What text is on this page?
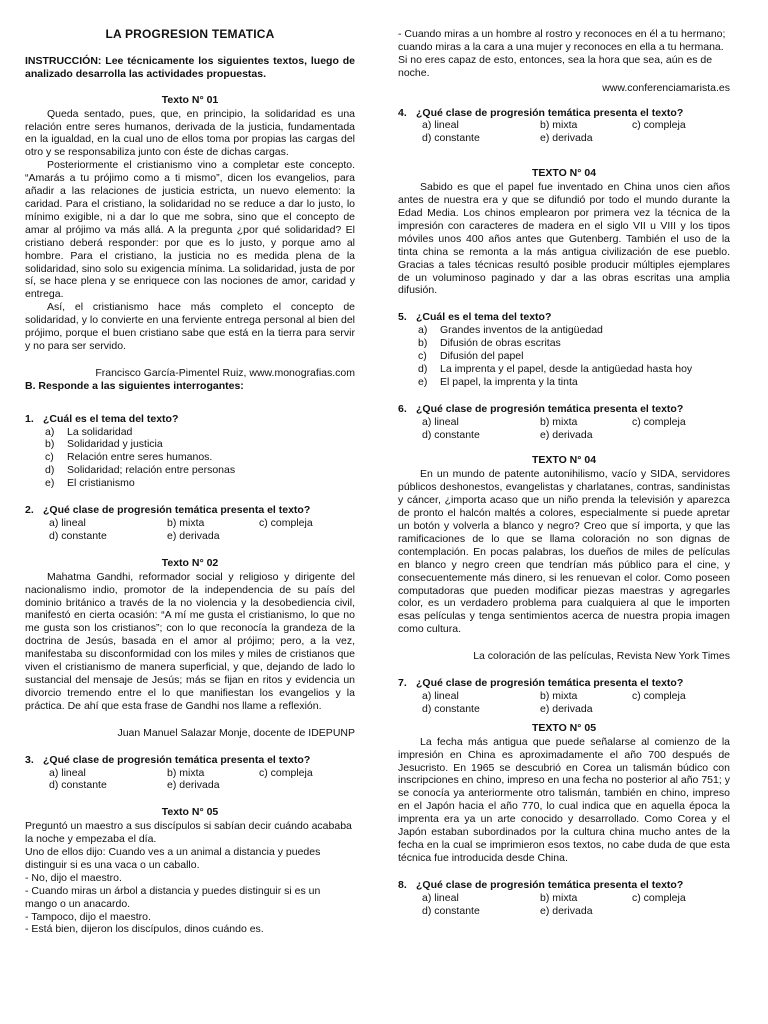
LA PROGRESION TEMATICA

INSTRUCCIÓN: Lee técnicamente los siguientes textos, luego de analizado desarrolla las actividades propuestas.

Texto N° 01

Queda sentado, pues, que, en principio, la solidaridad es una relación entre seres humanos, derivada de la justicia, fundamentada en la igualdad, en la cual uno de ellos toma por propias las cargas del otro y se responsabiliza junto con éste de dichas cargas.

Posteriormente el cristianismo vino a completar este concepto. “Amarás a tu prójimo como a ti mismo”, dicen los evangelios, para añadir a las relaciones de justicia estricta, un nuevo elemento: la caridad. Para el cristiano, la solidaridad no se reduce a dar lo justo, lo mínimo exigible, ni a dar lo que me sobra, sino que el concepto de amar al prójimo va más allá. A la pregunta ¿por qué solidaridad? El cristiano deberá responder: por que es lo justo, y porque amo al hombre. Para el cristiano, la justicia no es medida plena de la solidaridad, sino solo su exigencia mínima. La solidaridad, justa de por sí, se hace plena y se enriquece con las nociones de amor, caridad y entrega.

Así, el cristianismo hace más completo el concepto de solidaridad, y lo convierte en una ferviente entrega personal al bien del prójimo, porque el buen cristiano sabe que está en la tierra para servir y no para ser servido.

Francisco García-Pimentel Ruiz, www.monografias.com

B. Responde a las siguientes interrogantes:

1. ¿Cuál es el tema del texto?
a)	La solidaridad
b)	Solidaridad y justicia
c)	Relación entre seres humanos.
d)	Solidaridad; relación entre personas
e)	El cristianismo
2. ¿Qué clase de progresión temática presenta el texto?
a) lineal	b) mixta	c) compleja
d) constante	e) derivada
Texto N° 02

Mahatma Gandhi, reformador social y religioso y dirigente del nacionalismo indio, promotor de la independencia de su país del dominio británico a través de la no violencia y la desobediencia civil, manifestó en cierta ocasión: “A mí me gusta el cristianismo, lo que no me gusta son los cristianos”; con lo que reconocía la grandeza de la doctrina de Jesús, basada en el amor al prójimo; pero, a la vez, manifestaba su disconformidad con los miles y miles de cristianos que viven el cristianismo de manera superficial, y que, dejando de lado lo sustancial del mensaje de Jesús; más se fijan en ritos y evidencia un divorcio tremendo entre el lo que manifiestan los evangelios y la práctica. De ahí que esta frase de Gandhi nos llame a reflexión.

Juan Manuel Salazar Monje, docente de IDEPUNP

3. ¿Qué clase de progresión temática presenta el texto?
a) lineal	b) mixta	c) compleja
d) constante	e) derivada
Texto N° 05

Preguntó un maestro a sus discípulos si sabían decir cuándo acababa la noche y empezaba el día.

Uno de ellos dijo: Cuando ves a un animal a distancia y puedes distinguir si es una vaca o un caballo.

- No, dijo el maestro.

- Cuando miras un árbol a distancia y puedes distinguir si es un mango o un anacardo.

- Tampoco, dijo el maestro.

- Está bien, dijeron los discípulos, dinos cuándo es.

- Cuando miras a un hombre al rostro y reconoces en él a tu hermano; cuando miras a la cara a una mujer y reconoces en ella a tu hermana. Si no eres capaz de esto, entonces, sea la hora que sea, aún es de noche.

www.conferenciamarista.es

4. ¿Qué clase de progresión temática presenta el texto?
a) lineal	b) mixta	c) compleja
d) constante	e) derivada
TEXTO N° 04

Sabido es que el papel fue inventado en China unos cien años antes de nuestra era y que se difundió por todo el mundo durante la Edad Media. Los chinos emplearon por primera vez la técnica de la impresión con caracteres de madera en el siglo VII u VIII y los tipos móviles unos 400 años antes que Gutenberg. También el uso de la tinta china se remonta a la más antigua civilización de ese pueblo. Gracias a tales técnicas resultó posible producir múltiples ejemplares de un voluminoso paginado y dar a las obras escritas una amplia difusión.

5. ¿Cuál es el tema del texto?
a)	Grandes inventos de la antigüedad
b)	Difusión de obras escritas
c)	Difusión del papel
d)	La imprenta y el papel, desde la antigüedad hasta hoy
e)	El papel, la imprenta y la tinta
6. ¿Qué clase de progresión temática presenta el texto?
a) lineal	b) mixta	c) compleja
d) constante	e) derivada
TEXTO N° 04

En un mundo de patente autonihilismo, vacío y SIDA, servidores públicos deshonestos, evangelistas y charlatanes, contras, sandinistas y cáncer, ¿importa acaso que un niño prenda la televisión y aparezca de pronto el halcón maltés a colores, especialmente si puede apretar un botón y volverla a blanco y negro? Creo que sí importa, y que las ramificaciones de lo que se llama coloración no son dignas de contemplación. En pocas palabras, los dueños de miles de películas en blanco y negro creen que tendrían más público para el cine, y consecuentemente más dinero, si les renuevan el color. Como poseen computadoras que pueden modificar piezas maestras y agregarles color, es un verdadero problema para cualquiera al que le importen esas películas y tenga sentimientos acerca de nuestra propia imagen como cultura.

La coloración de las películas, Revista New York Times

7. ¿Qué clase de progresión temática presenta el texto?
a) lineal	b) mixta	c) compleja
d) constante	e) derivada
TEXTO N° 05

La fecha más antigua que puede señalarse al comienzo de la impresión en China es aproximadamente el año 700 después de Jesucristo. En 1965 se descubrió en Corea un talismán búdico con inscripciones en chino, impreso en una fecha no posterior al año 751; y se conocía ya anteriormente otro talismán, también en chino, impreso en el Japón hacia el año 770, lo cual indica que en aquella época la imprenta era ya un arte conocido y desarrollado. Como Corea y el Japón estaban subordinados por la cultura china mucho antes de la fecha en la cual se imprimieron esos textos, no cabe duda de que esta técnica fue introducida desde China.

8. ¿Qué clase de progresión temática presenta el texto?
a) lineal	b) mixta	c) compleja
d) constante	e) derivada
